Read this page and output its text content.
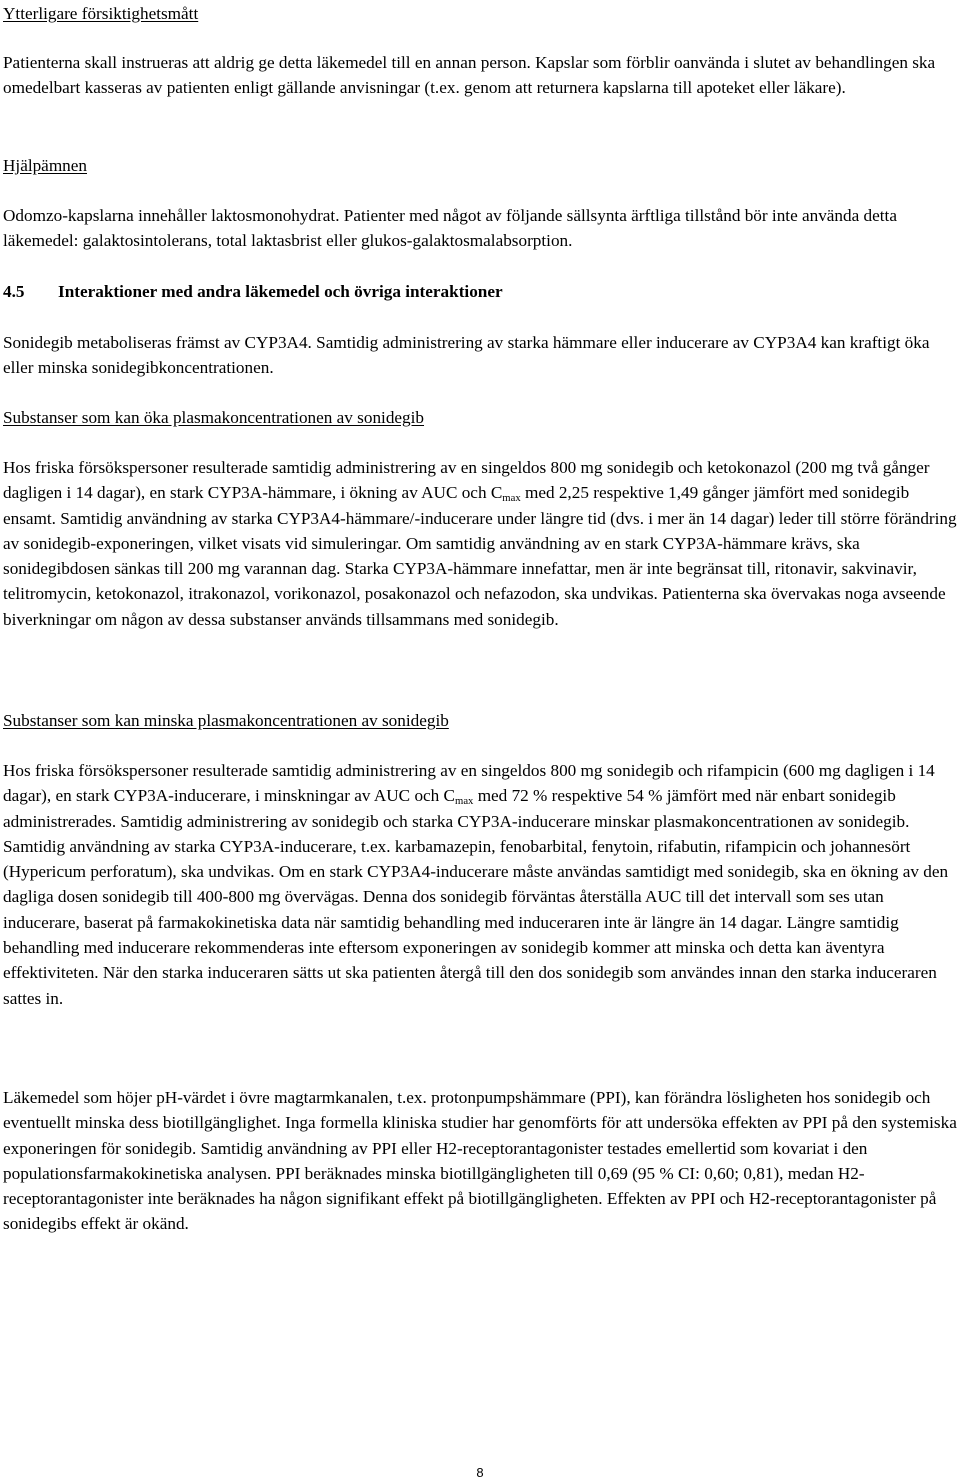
Ytterligare försiktighetsmått

Patienterna skall instrueras att aldrig ge detta läkemedel till en annan person. Kapslar som förblir oanvända i slutet av behandlingen ska omedelbart kasseras av patienten enligt gällande anvisningar (t.ex. genom att returnera kapslarna till apoteket eller läkare).

Hjälpämnen

Odomzo-kapslarna innehåller laktosmonohydrat. Patienter med något av följande sällsynta ärftliga tillstånd bör inte använda detta läkemedel: galaktosintolerans, total laktasbrist eller glukos-galaktosmalabsorption.

4.5 Interaktioner med andra läkemedel och övriga interaktioner

Sonidegib metaboliseras främst av CYP3A4. Samtidig administrering av starka hämmare eller inducerare av CYP3A4 kan kraftigt öka eller minska sonidegibkoncentrationen.

Substanser som kan öka plasmakoncentrationen av sonidegib

Hos friska försökspersoner resulterade samtidig administrering av en singeldos 800 mg sonidegib och ketokonazol (200 mg två gånger dagligen i 14 dagar), en stark CYP3A-hämmare, i ökning av AUC och $C_{max}$ med 2,25 respektive 1,49 gånger jämfört med sonidegib ensamt. Samtidig användning av starka CYP3A4-hämmare/-inducerare under längre tid (dvs. i mer än 14 dagar) leder till större förändring av sonidegib-exponeringen, vilket visats vid simuleringar. Om samtidig användning av en stark CYP3A-hämmare krävs, ska sonidegibdosen sänkas till 200 mg varannan dag. Starka CYP3A-hämmare innefattar, men är inte begränsat till, ritonavir, sakvinavir, telitromycin, ketokonazol, itrakonazol, vorikonazol, posakonazol och nefazodon, ska undvikas. Patienterna ska övervakas noga avseende biverkningar om någon av dessa substanser används tillsammans med sonidegib.

Substanser som kan minska plasmakoncentrationen av sonidegib

Hos friska försökspersoner resulterade samtidig administrering av en singeldos 800 mg sonidegib och rifampicin (600 mg dagligen i 14 dagar), en stark CYP3A-inducerare, i minskningar av AUC och $C_{max}$ med 72 % respektive 54 % jämfört med när enbart sonidegib administrerades. Samtidig administrering av sonidegib och starka CYP3A-inducerare minskar plasmakoncentrationen av sonidegib. Samtidig användning av starka CYP3A-inducerare, t.ex. karbamazepin, fenobarbital, fenytoin, rifabutin, rifampicin och johannesört (Hypericum perforatum), ska undvikas. Om en stark CYP3A4-inducerare måste användas samtidigt med sonidegib, ska en ökning av den dagliga dosen sonidegib till 400-800 mg övervägas. Denna dos sonidegib förväntas återställa AUC till det intervall som ses utan inducerare, baserat på farmakokinetiska data när samtidig behandling med induceraren inte är längre än 14 dagar. Längre samtidig behandling med inducerare rekommenderas inte eftersom exponeringen av sonidegib kommer att minska och detta kan äventyra effektiviteten. När den starka induceraren sätts ut ska patienten återgå till den dos sonidegib som användes innan den starka induceraren sattes in.

Läkemedel som höjer pH-värdet i övre magtarmkanalen, t.ex. protonpumpshämmare (PPI), kan förändra lösligheten hos sonidegib och eventuellt minska dess biotillgänglighet. Inga formella kliniska studier har genomförts för att undersöka effekten av PPI på den systemiska exponeringen för sonidegib. Samtidig användning av PPI eller H2-receptorantagonister testades emellertid som kovariat i den populationsfarmakokinetiska analysen. PPI beräknades minska biotillgängligheten till 0,69 (95 % CI: 0,60; 0,81), medan H2-receptorantagonister inte beräknades ha någon signifikant effekt på biotillgängligheten. Effekten av PPI och H2-receptorantagonister på sonidegibs effekt är okänd.

8
